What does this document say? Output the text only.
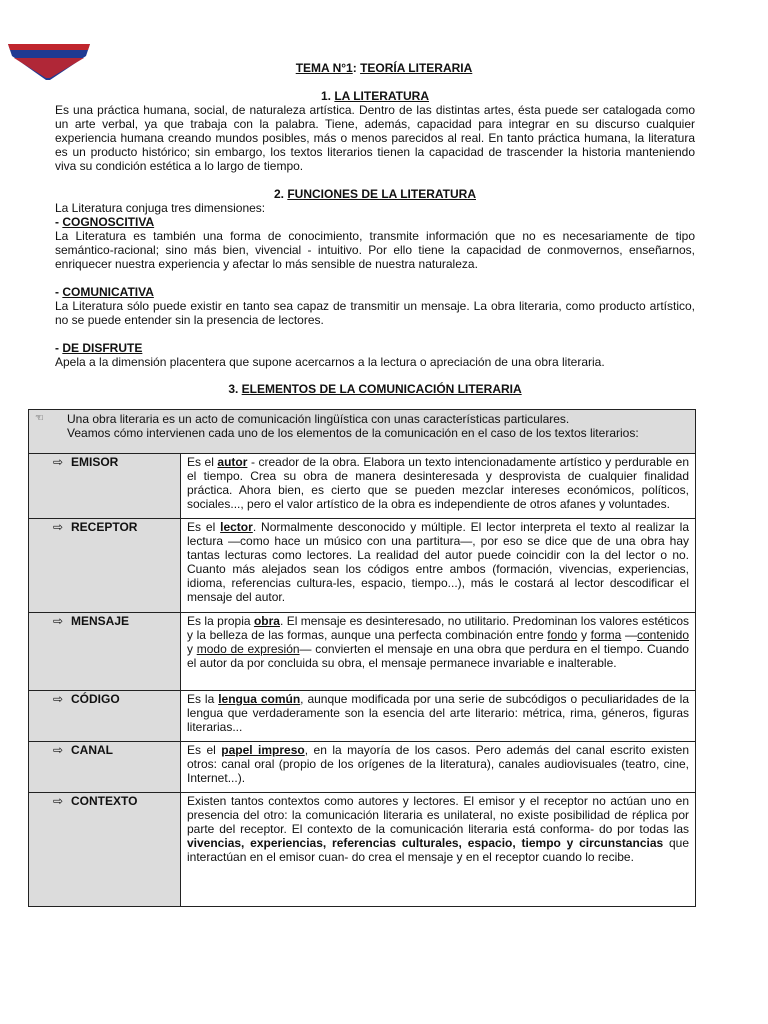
TEMA N°1: TEORÍA LITERARIA
1. LA LITERATURA
Es una práctica humana, social, de naturaleza artística. Dentro de las distintas artes, ésta puede ser catalogada como un arte verbal, ya que trabaja con la palabra. Tiene, además, capacidad para integrar en su discurso cualquier experiencia humana creando mundos posibles, más o menos parecidos al real. En tanto práctica humana, la literatura es un producto histórico; sin embargo, los textos literarios tienen la capacidad de trascender la historia manteniendo viva su condición estética a lo largo de tiempo.
2. FUNCIONES DE LA LITERATURA

La Literatura conjuga tres dimensiones:

- COGNOSCITIVA

La Literatura es también una forma de conocimiento, transmite información que no es necesariamente de tipo semántico-racional; sino más bien, vivencial - intuitivo. Por ello tiene la capacidad de conmovernos, enseñarnos, enriquecer nuestra experiencia y afectar lo más sensible de nuestra naturaleza.

- COMUNICATIVA

La Literatura sólo puede existir en tanto sea capaz de transmitir un mensaje. La obra literaria, como producto artístico, no se puede entender sin la presencia de lectores.

- DE DISFRUTE

Apela a la dimensión placentera que supone acercarnos a la lectura o apreciación de una obra literaria.

3. ELEMENTOS DE LA COMUNICACIÓN LITERARIA
☜ Una obra literaria es un acto de comunicación lingüística con unas características particulares.
Veamos cómo intervienen cada uno de los elementos de la comunicación en el caso de los textos literarios:	

⇨ EMISOR	Es el autor - creador de la obra. Elabora un texto intencionadamente artístico y perdurable en el tiempo. Crea su obra de manera desinteresada y desprovista de cualquier finalidad práctica. Ahora bien, es cierto que se pueden mezclar intereses económicos, políticos, sociales..., pero el valor artístico de la obra es independiente de otros afanes y voluntades.
⇨ RECEPTOR	Es el lector. Normalmente desconocido y múltiple. El lector interpreta el texto al realizar la lectura —como hace un músico con una partitura—, por eso se dice que de una obra hay tantas lecturas como lectores. La realidad del autor puede coincidir con la del lector o no. Cuanto más alejados sean los códigos entre ambos (formación, vivencias, experiencias, idioma, referencias cultura-les, espacio, tiempo...), más le costará al lector descodificar el mensaje del autor.
⇨ MENSAJE	Es la propia obra. El mensaje es desinteresado, no utilitario. Predominan los valores estéticos y la belleza de las formas, aunque una perfecta combinación entre fondo y forma —contenido y modo de expresión— convierten el mensaje en una obra que perdura en el tiempo. Cuando el autor da por concluida su obra, el mensaje permanece invariable e inalterable.
⇨ CÓDIGO	Es la lengua común, aunque modificada por una serie de subcódigos o peculiaridades de la lengua que verdaderamente son la esencia del arte literario: métrica, rima, géneros, figuras literarias...
⇨ CANAL	Es el papel impreso, en la mayoría de los casos. Pero además del canal escrito existen otros: canal oral (propio de los orígenes de la literatura), canales audiovisuales (teatro, cine, Internet...).
⇨ CONTEXTO	Existen tantos contextos como autores y lectores. El emisor y el receptor no actúan uno en presencia del otro: la comunicación literaria es unilateral, no existe posibilidad de réplica por parte del receptor. El contexto de la comunicación literaria está conforma- do por todas las vivencias, experiencias, referencias culturales, espacio, tiempo y circunstancias que interactúan en el emisor cuan- do crea el mensaje y en el receptor cuando lo recibe.
